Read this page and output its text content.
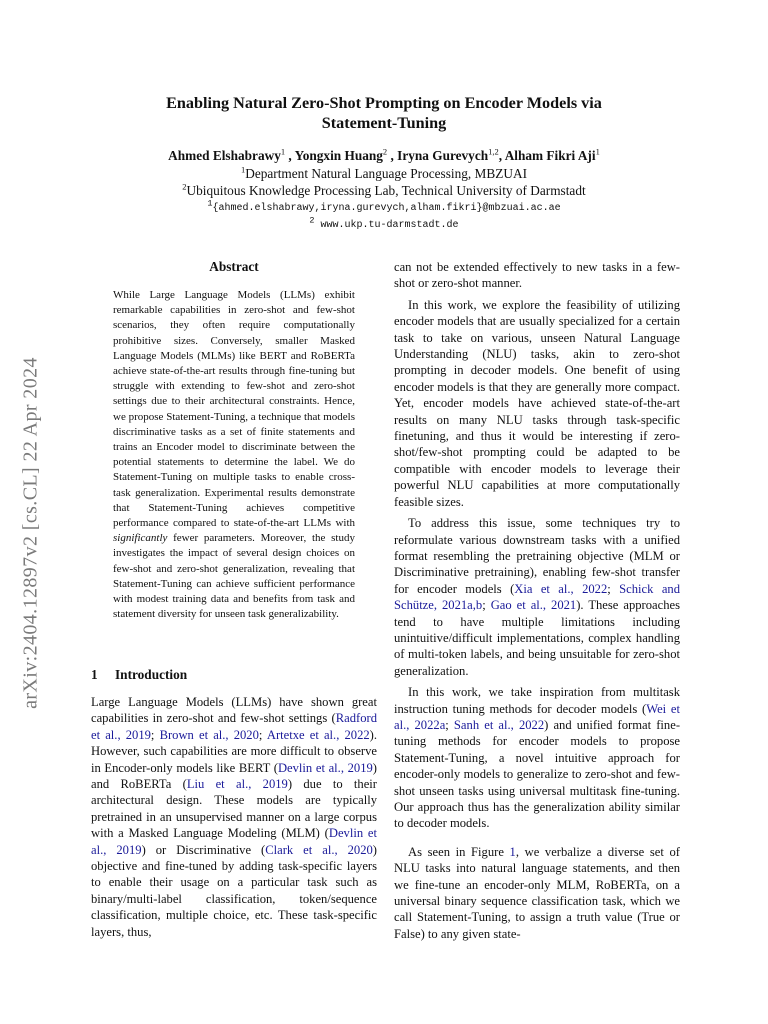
arXiv:2404.12897v2 [cs.CL] 22 Apr 2024
Enabling Natural Zero-Shot Prompting on Encoder Models via
Statement-Tuning
Ahmed Elshabrawy$^1$ , Yongxin Huang$^2$ , Iryna Gurevych$^{1,2}$, Alham Fikri Aji$^1$
$^1$Department Natural Language Processing, MBZUAI
$^2$Ubiquitous Knowledge Processing Lab, Technical University of Darmstadt
$^1${ahmed.elshabrawy,iryna.gurevych,alham.fikri}@mbzuai.ac.ae
$^2$ www.ukp.tu-darmstadt.de
Abstract

While Large Language Models (LLMs) exhibit remarkable capabilities in zero-shot and few-shot scenarios, they often require computationally prohibitive sizes. Conversely, smaller Masked Language Models (MLMs) like BERT and RoBERTa achieve state-of-the-art results through fine-tuning but struggle with extending to few-shot and zero-shot settings due to their architectural constraints. Hence, we propose Statement-Tuning, a technique that models discriminative tasks as a set of finite statements and trains an Encoder model to discriminate between the potential statements to determine the label. We do Statement-Tuning on multiple tasks to enable cross-task generalization. Experimental results demonstrate that Statement-Tuning achieves competitive performance compared to state-of-the-art LLMs with significantly fewer parameters. Moreover, the study investigates the impact of several design choices on few-shot and zero-shot generalization, revealing that Statement-Tuning can achieve sufficient performance with modest training data and benefits from task and statement diversity for unseen task generalizability.

1 Introduction

Large Language Models (LLMs) have shown great capabilities in zero-shot and few-shot settings (Radford et al., 2019; Brown et al., 2020; Artetxe et al., 2022). However, such capabilities are more difficult to observe in Encoder-only models like BERT (Devlin et al., 2019) and RoBERTa (Liu et al., 2019) due to their architectural design. These models are typically pretrained in an unsupervised manner on a large corpus with a Masked Language Modeling (MLM) (Devlin et al., 2019) or Discriminative (Clark et al., 2020) objective and fine-tuned by adding task-specific layers to enable their usage on a particular task such as binary/multi-label classification, token/sequence classification, multiple choice, etc. These task-specific layers, thus,

can not be extended effectively to new tasks in a few-shot or zero-shot manner.

In this work, we explore the feasibility of utilizing encoder models that are usually specialized for a certain task to take on various, unseen Natural Language Understanding (NLU) tasks, akin to zero-shot prompting in decoder models. One benefit of using encoder models is that they are generally more compact. Yet, encoder models have achieved state-of-the-art results on many NLU tasks through task-specific finetuning, and thus it would be interesting if zero-shot/few-shot prompting could be adapted to be compatible with encoder models to leverage their powerful NLU capabilities at more computationally feasible sizes.

To address this issue, some techniques try to reformulate various downstream tasks with a unified format resembling the pretraining objective (MLM or Discriminative pretraining), enabling few-shot transfer for encoder models (Xia et al., 2022; Schick and Schütze, 2021a,b; Gao et al., 2021). These approaches tend to have multiple limitations including unintuitive/difficult implementations, complex handling of multi-token labels, and being unsuitable for zero-shot generalization.

In this work, we take inspiration from multitask instruction tuning methods for decoder models (Wei et al., 2022a; Sanh et al., 2022) and unified format fine-tuning methods for encoder models to propose Statement-Tuning, a novel intuitive approach for encoder-only models to generalize to zero-shot and few-shot unseen tasks using universal multitask fine-tuning. Our approach thus has the generalization ability similar to decoder models.

As seen in Figure 1, we verbalize a diverse set of NLU tasks into natural language statements, and then we fine-tune an encoder-only MLM, RoBERTa, on a universal binary sequence classification task, which we call Statement-Tuning, to assign a truth value (True or False) to any given state-
